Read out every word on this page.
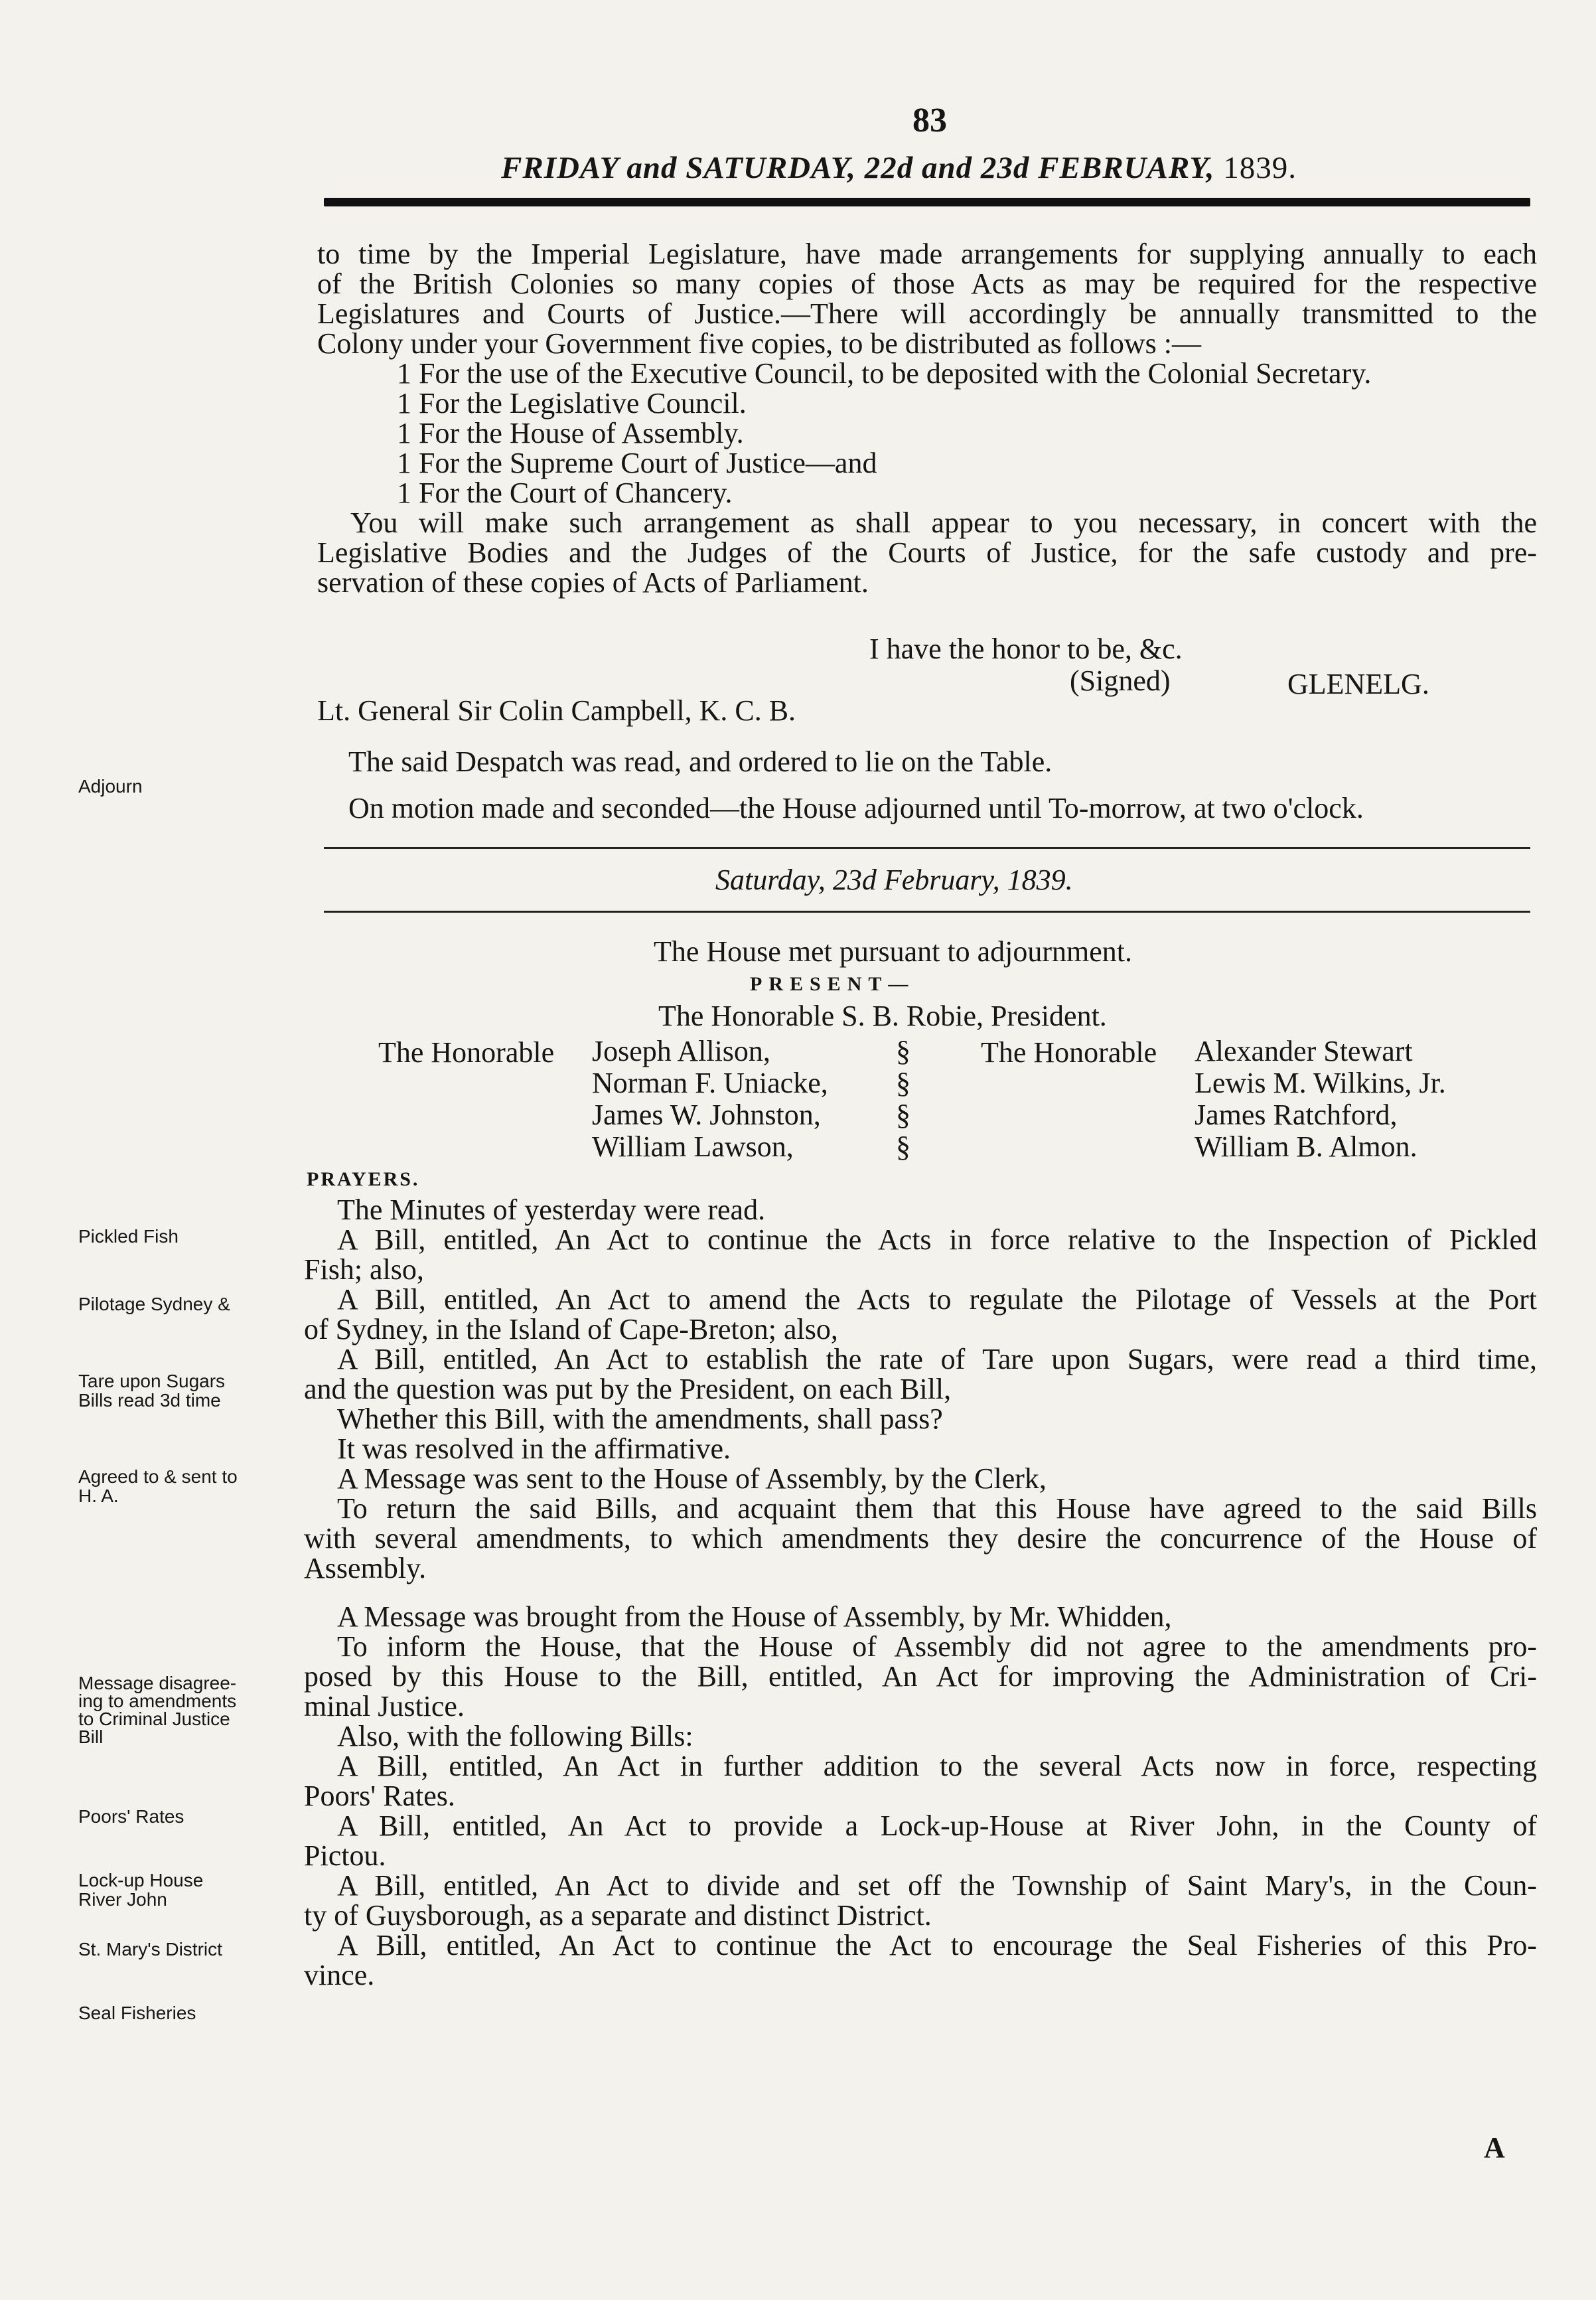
83
FRIDAY and SATURDAY, 22d and 23d FEBRUARY, 1839.
to time by the Imperial Legislature, have made arrangements for supplying annually to each
of the British Colonies so many copies of those Acts as may be required for the respective
Legislatures and Courts of Justice.—There will accordingly be annually transmitted to the
Colony under your Government five copies, to be distributed as follows :—
1 For the use of the Executive Council, to be deposited with the Colonial Secretary.
1 For the Legislative Council.
1 For the House of Assembly.
1 For the Supreme Court of Justice—and
1 For the Court of Chancery.
You will make such arrangement as shall appear to you necessary, in concert with the
Legislative Bodies and the Judges of the Courts of Justice, for the safe custody and pre-
servation of these copies of Acts of Parliament.
I have the honor to be, &c.
(Signed)	GLENELG.
Lt. General Sir Colin Campbell, K. C. B.
The said Despatch was read, and ordered to lie on the Table.
On motion made and seconded—the House adjourned until To-morrow, at two o'clock.
Saturday, 23d February, 1839.
The House met pursuant to adjournment.
PRESENT—
The Honorable S. B. Robie, President.
The Honorable Joseph Allison,
Norman F. Uniacke,
James W. Johnston,
William Lawson,
§
§
§
§
The Honorable Alexander Stewart
Lewis M. Wilkins, Jr.
James Ratchford,
William B. Almon.
PRAYERS.
The Minutes of yesterday were read.
A Bill, entitled, An Act to continue the Acts in force relative to the Inspection of Pickled
Fish; also,
A Bill, entitled, An Act to amend the Acts to regulate the Pilotage of Vessels at the Port
of Sydney, in the Island of Cape-Breton; also,
A Bill, entitled, An Act to establish the rate of Tare upon Sugars, were read a third time,
and the question was put by the President, on each Bill,
Whether this Bill, with the amendments, shall pass?
It was resolved in the affirmative.
A Message was sent to the House of Assembly, by the Clerk,
To return the said Bills, and acquaint them that this House have agreed to the said Bills
with several amendments, to which amendments they desire the concurrence of the House of
Assembly.
A Message was brought from the House of Assembly, by Mr. Whidden,
To inform the House, that the House of Assembly did not agree to the amendments pro-
posed by this House to the Bill, entitled, An Act for improving the Administration of Cri-
minal Justice.
Also, with the following Bills:
A Bill, entitled, An Act in further addition to the several Acts now in force, respecting
Poors' Rates.
A Bill, entitled, An Act to provide a Lock-up-House at River John, in the County of
Pictou.
A Bill, entitled, An Act to divide and set off the Township of Saint Mary's, in the Coun-
ty of Guysborough, as a separate and distinct District.
A Bill, entitled, An Act to continue the Act to encourage the Seal Fisheries of this Pro-
vince.
A
Adjourn
Pickled Fish
Pilotage Sydney &
Tare upon Sugars
Bills read 3d time
Agreed to & sent to
H. A.
Message disagree-
ing to amendments
to Criminal Justice
Bill
Poors' Rates
Lock-up House
River John
St. Mary's District
Seal Fisheries
